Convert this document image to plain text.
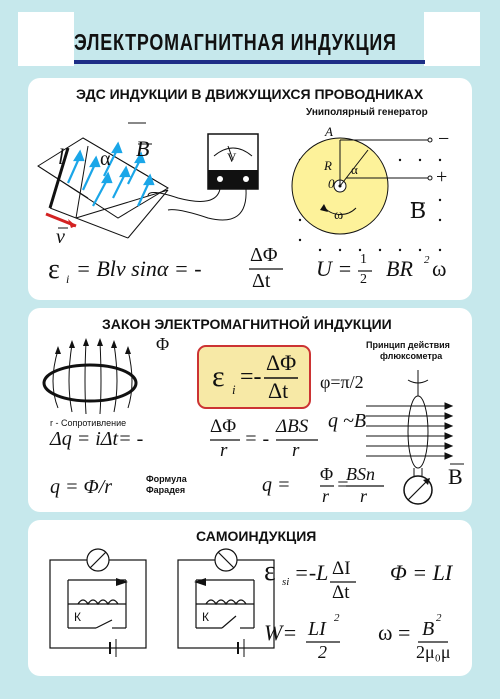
ЭЛЕКТРОМАГНИТНАЯ ИНДУКЦИЯ
ЭДС ИНДУКЦИИ В ДВИЖУЩИХСЯ ПРОВОДНИКАХ
Униполярный генератор
l α B
v
V
A
R
0
α
ω
−
+
B
ε i = Blv sinα = -
ΔΦ
Δt U = 1
2 BR 2 ω
ЗАКОН ЭЛЕКТРОМАГНИТНОЙ ИНДУКЦИИ
Φ
ε i =-
ΔΦ
Δt
Принцип действия
флюксометра
φ=π/2
q ~B
r - Сопротивление
Δq = iΔt= -
ΔΦ
r
= -
ΔBS
r
q = Φ/r	Формула
Фарадея	q = Φ
r =
BSn
r
B
САМОИНДУКЦИЯ
К	К
ε si =-L ΔI
Δt
Φ = LI
W= LI 2
2
ω = B 2
2μ₀μ
